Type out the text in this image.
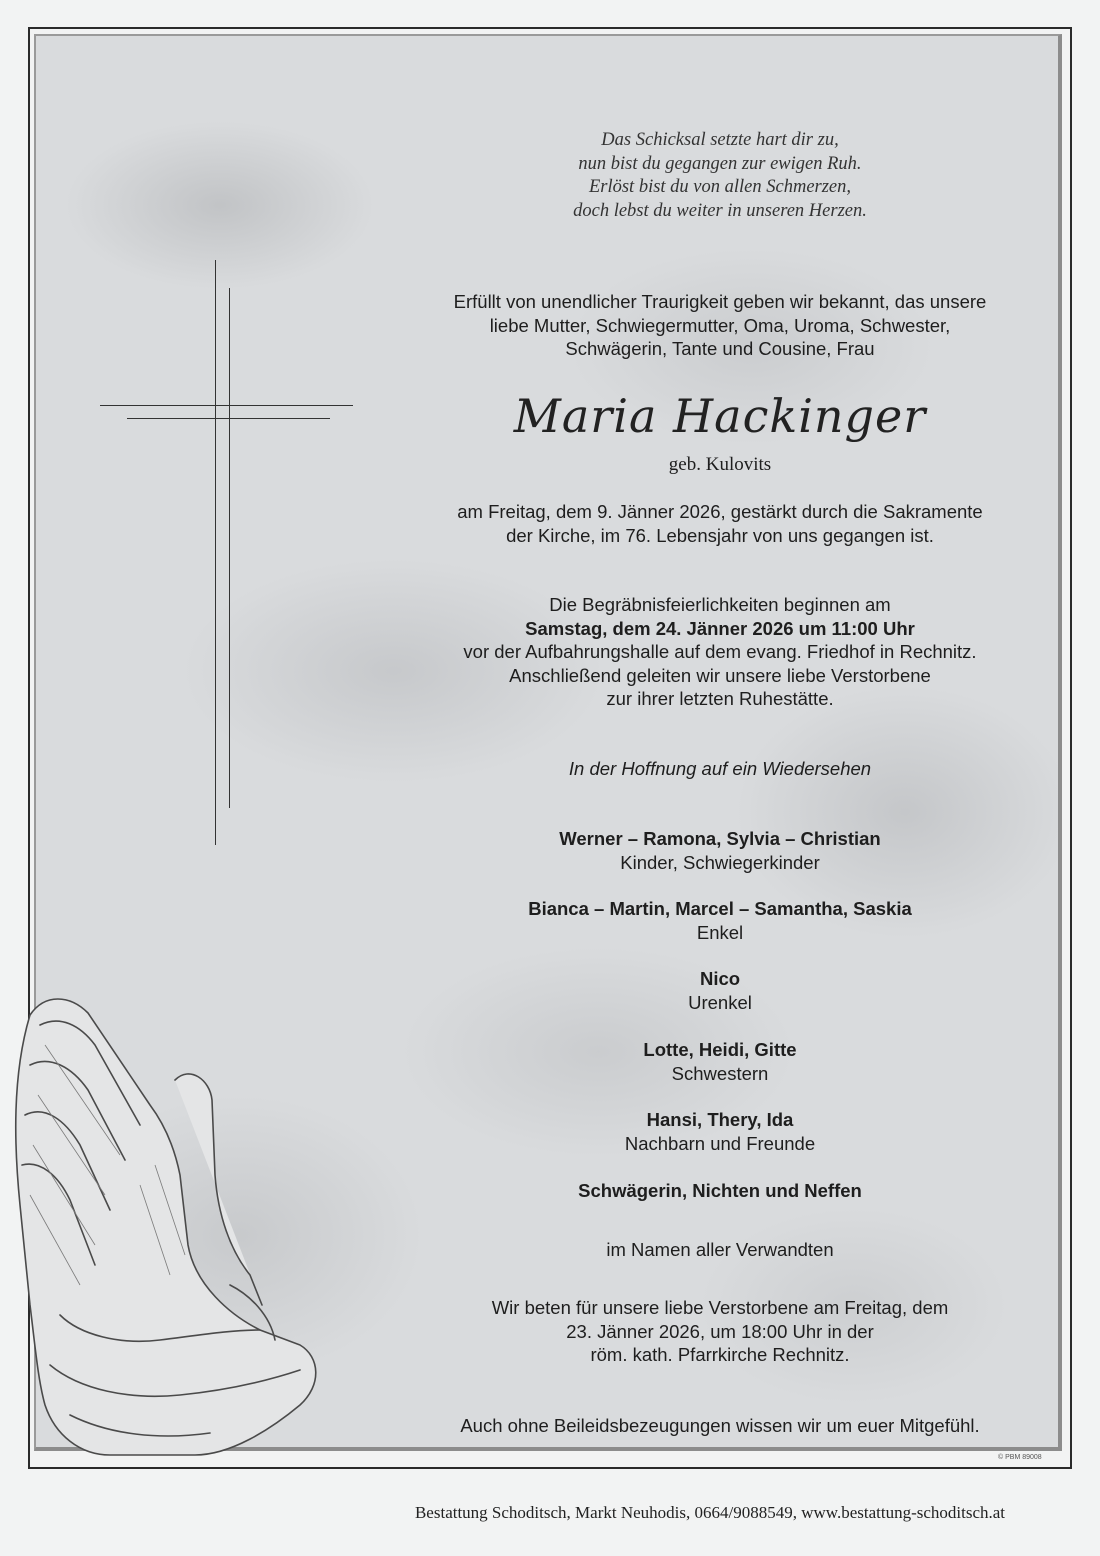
Das Schicksal setzte hart dir zu,
nun bist du gegangen zur ewigen Ruh.
Erlöst bist du von allen Schmerzen,
doch lebst du weiter in unseren Herzen.
Erfüllt von unendlicher Traurigkeit geben wir bekannt, das unsere
liebe Mutter, Schwiegermutter, Oma, Uroma, Schwester,
Schwägerin, Tante und Cousine, Frau
Maria Hackinger
geb. Kulovits
am Freitag, dem 9. Jänner 2026, gestärkt durch die Sakramente
der Kirche, im 76. Lebensjahr von uns gegangen ist.
Die Begräbnisfeierlichkeiten beginnen am
Samstag, dem 24. Jänner 2026 um 11:00 Uhr
vor der Aufbahrungshalle auf dem evang. Friedhof in Rechnitz.
Anschließend geleiten wir unsere liebe Verstorbene
zur ihrer letzten Ruhestätte.
In der Hoffnung auf ein Wiedersehen
Werner – Ramona, Sylvia – Christian
Kinder, Schwiegerkinder
Bianca – Martin, Marcel – Samantha, Saskia
Enkel
Nico
Urenkel
Lotte, Heidi, Gitte
Schwestern
Hansi, Thery, Ida
Nachbarn und Freunde
Schwägerin, Nichten und Neffen
im Namen aller Verwandten
Wir beten für unsere liebe Verstorbene am Freitag, dem
23. Jänner 2026, um 18:00 Uhr in der
röm. kath. Pfarrkirche Rechnitz.
Auch ohne Beileidsbezeugungen wissen wir um euer Mitgefühl.
© PBM 89008
Bestattung Schoditsch, Markt Neuhodis, 0664/9088549, www.bestattung-schoditsch.at
